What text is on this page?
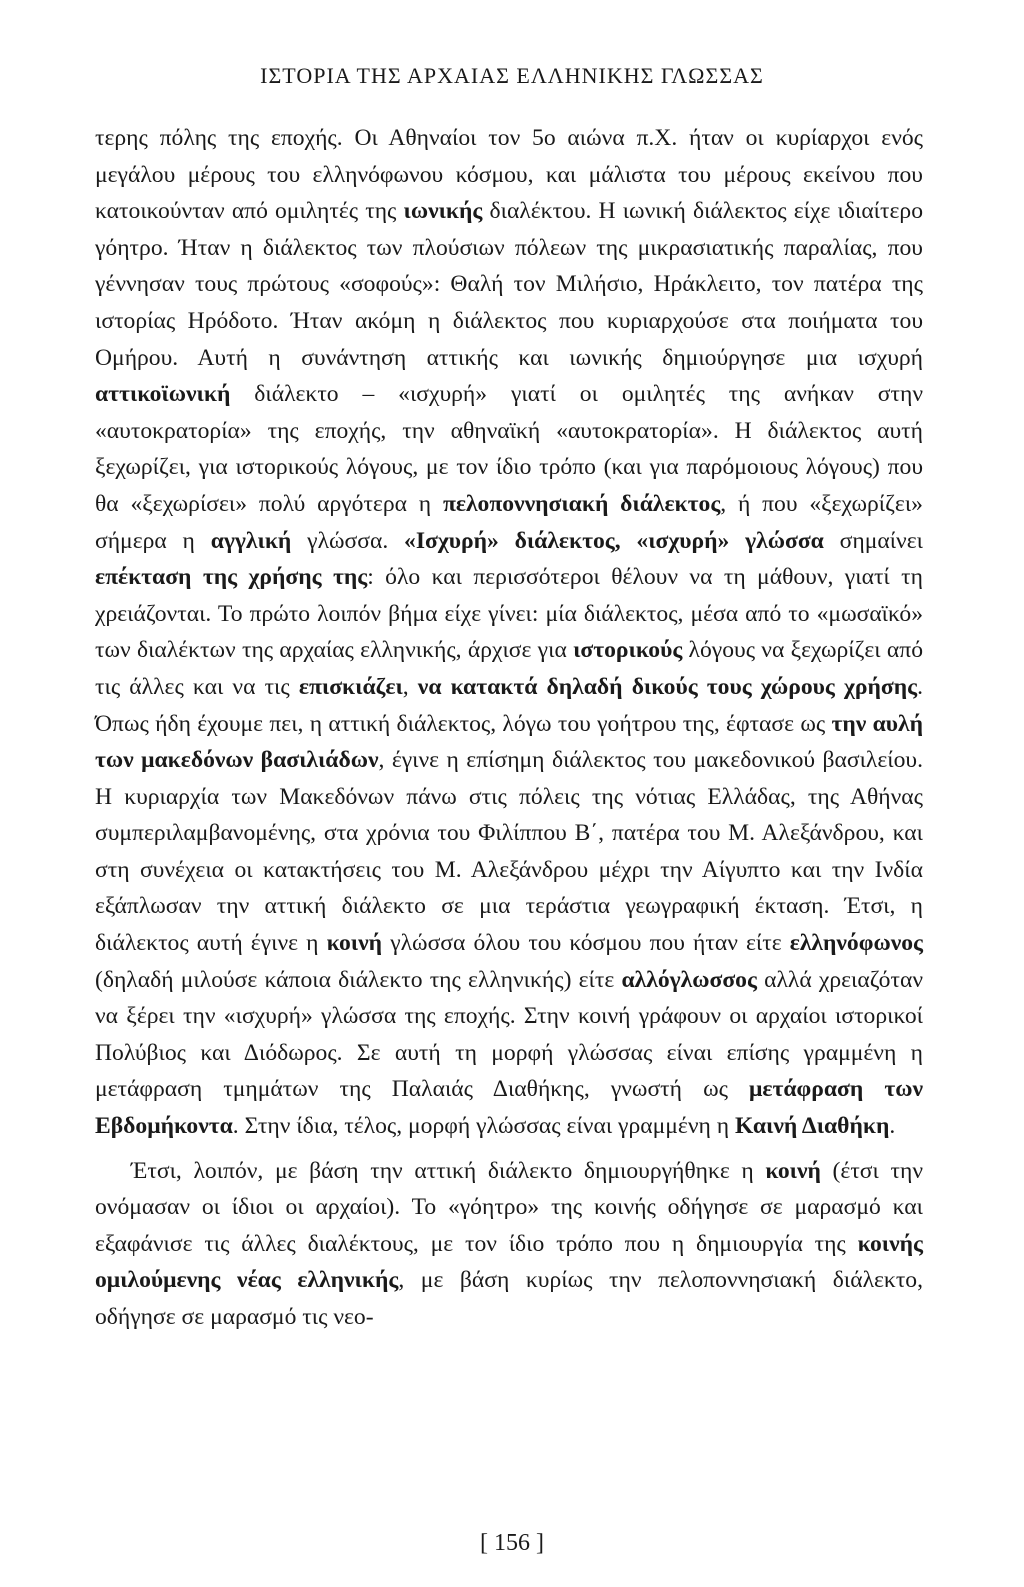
ΙΣΤΟΡΙΑ ΤΗΣ ΑΡΧΑΙΑΣ ΕΛΛΗΝΙΚΗΣ ΓΛΩΣΣΑΣ

τερης πόλης της εποχής. Οι Αθηναίοι τον 5ο αιώνα π.Χ. ήταν οι κυρίαρχοι ενός μεγάλου μέρους του ελληνόφωνου κόσμου, και μάλιστα του μέρους εκείνου που κατοικούνταν από ομιλητές της ιωνικής διαλέκτου. Η ιωνική διάλεκτος είχε ιδιαίτερο γόητρο. Ήταν η διάλεκτος των πλούσιων πόλεων της μικρασιατικής παραλίας, που γέννησαν τους πρώτους «σοφούς»: Θαλή τον Μιλήσιο, Ηράκλειτο, τον πατέρα της ιστορίας Ηρόδοτο. Ήταν ακόμη η διάλεκτος που κυριαρχούσε στα ποιήματα του Ομήρου. Αυτή η συνάντηση αττικής και ιωνικής δημιούργησε μια ισχυρή αττικοϊωνική διάλεκτο – «ισχυρή» γιατί οι ομιλητές της ανήκαν στην «αυτοκρατορία» της εποχής, την αθηναϊκή «αυτοκρατορία». Η διάλεκτος αυτή ξεχωρίζει, για ιστορικούς λόγους, με τον ίδιο τρόπο (και για παρόμοιους λόγους) που θα «ξεχωρίσει» πολύ αργότερα η πελοποννησιακή διάλεκτος, ή που «ξεχωρίζει» σήμερα η αγγλική γλώσσα. «Ισχυρή» διάλεκτος, «ισχυρή» γλώσσα σημαίνει επέκταση της χρήσης της: όλο και περισσότεροι θέλουν να τη μάθουν, γιατί τη χρειάζονται. Το πρώτο λοιπόν βήμα είχε γίνει: μία διάλεκτος, μέσα από το «μωσαϊκό» των διαλέκτων της αρχαίας ελληνικής, άρχισε για ιστορικούς λόγους να ξεχωρίζει από τις άλλες και να τις επισκιάζει, να κατακτά δηλαδή δικούς τους χώρους χρήσης. Όπως ήδη έχουμε πει, η αττική διάλεκτος, λόγω του γοήτρου της, έφτασε ως την αυλή των μακεδόνων βασιλιάδων, έγινε η επίσημη διάλεκτος του μακεδονικού βασιλείου. Η κυριαρχία των Μακεδόνων πάνω στις πόλεις της νότιας Ελλάδας, της Αθήνας συμπεριλαμβανομένης, στα χρόνια του Φιλίππου Β΄, πατέρα του Μ. Αλεξάνδρου, και στη συνέχεια οι κατακτήσεις του Μ. Αλεξάνδρου μέχρι την Αίγυπτο και την Ινδία εξάπλωσαν την αττική διάλεκτο σε μια τεράστια γεωγραφική έκταση. Έτσι, η διάλεκτος αυτή έγινε η κοινή γλώσσα όλου του κόσμου που ήταν είτε ελληνόφωνος (δηλαδή μιλούσε κάποια διάλεκτο της ελληνικής) είτε αλλόγλωσσος αλλά χρειαζόταν να ξέρει την «ισχυρή» γλώσσα της εποχής. Στην κοινή γράφουν οι αρχαίοι ιστορικοί Πολύβιος και Διόδωρος. Σε αυτή τη μορφή γλώσσας είναι επίσης γραμμένη η μετάφραση τμημάτων της Παλαιάς Διαθήκης, γνωστή ως μετάφραση των Εβδομήκοντα. Στην ίδια, τέλος, μορφή γλώσσας είναι γραμμένη η Καινή Διαθήκη.

Έτσι, λοιπόν, με βάση την αττική διάλεκτο δημιουργήθηκε η κοινή (έτσι την ονόμασαν οι ίδιοι οι αρχαίοι). Το «γόητρο» της κοινής οδήγησε σε μαρασμό και εξαφάνισε τις άλλες διαλέκτους, με τον ίδιο τρόπο που η δημιουργία της κοινής ομιλούμενης νέας ελληνικής, με βάση κυρίως την πελοποννησιακή διάλεκτο, οδήγησε σε μαρασμό τις νεο-

[ 156 ]
